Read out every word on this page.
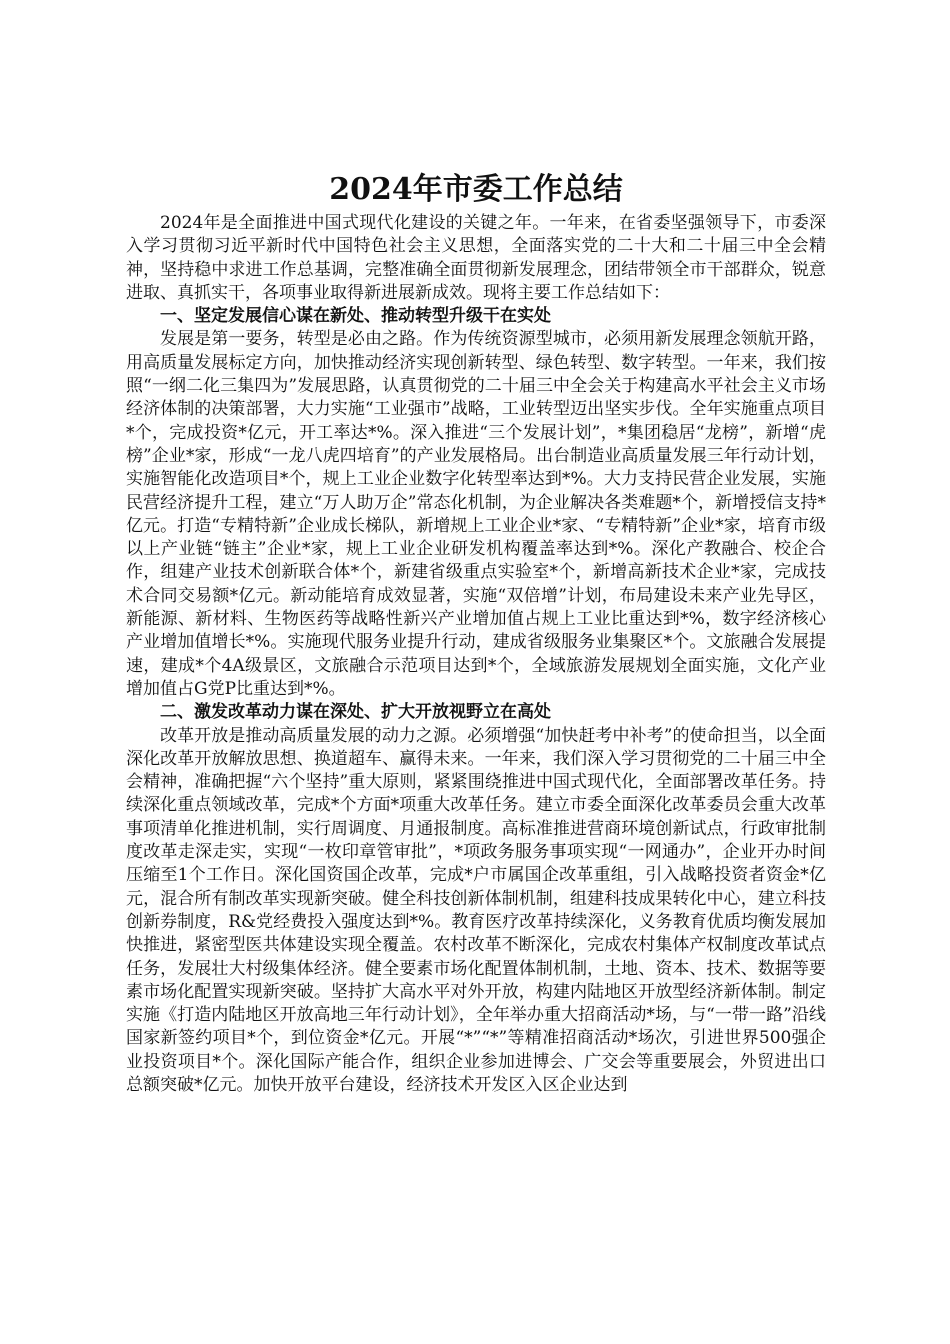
2024年市委工作总结

2024年是全面推进中国式现代化建设的关键之年。一年来，在省委坚强领导下，市委深入学习贯彻习近平新时代中国特色社会主义思想，全面落实党的二十大和二十届三中全会精神，坚持稳中求进工作总基调，完整准确全面贯彻新发展理念，团结带领全市干部群众，锐意进取、真抓实干，各项事业取得新进展新成效。现将主要工作总结如下：

一、坚定发展信心谋在新处、推动转型升级干在实处

发展是第一要务，转型是必由之路。作为传统资源型城市，必须用新发展理念领航开路，用高质量发展标定方向，加快推动经济实现创新转型、绿色转型、数字转型。一年来，我们按照“一纲二化三集四为”发展思路，认真贯彻党的二十届三中全会关于构建高水平社会主义市场经济体制的决策部署，大力实施“工业强市”战略，工业转型迈出坚实步伐。全年实施重点项目*个，完成投资*亿元，开工率达*%。深入推进“三个发展计划”，*集团稳居“龙榜”，新增“虎榜”企业*家，形成“一龙八虎四培育”的产业发展格局。出台制造业高质量发展三年行动计划，实施智能化改造项目*个，规上工业企业数字化转型率达到*%。大力支持民营企业发展，实施民营经济提升工程，建立“万人助万企”常态化机制，为企业解决各类难题*个，新增授信支持*亿元。打造“专精特新”企业成长梯队，新增规上工业企业*家、“专精特新”企业*家，培育市级以上产业链“链主”企业*家，规上工业企业研发机构覆盖率达到*%。深化产教融合、校企合作，组建产业技术创新联合体*个，新建省级重点实验室*个，新增高新技术企业*家，完成技术合同交易额*亿元。新动能培育成效显著，实施“双倍增”计划，布局建设未来产业先导区，新能源、新材料、生物医药等战略性新兴产业增加值占规上工业比重达到*%，数字经济核心产业增加值增长*%。实施现代服务业提升行动，建成省级服务业集聚区*个。文旅融合发展提速，建成*个4A级景区，文旅融合示范项目达到*个，全域旅游发展规划全面实施，文化产业增加值占G党P比重达到*%。

二、激发改革动力谋在深处、扩大开放视野立在高处

改革开放是推动高质量发展的动力之源。必须增强“加快赶考中补考”的使命担当，以全面深化改革开放解放思想、换道超车、赢得未来。一年来，我们深入学习贯彻党的二十届三中全会精神，准确把握“六个坚持”重大原则，紧紧围绕推进中国式现代化，全面部署改革任务。持续深化重点领域改革，完成*个方面*项重大改革任务。建立市委全面深化改革委员会重大改革事项清单化推进机制，实行周调度、月通报制度。高标准推进营商环境创新试点，行政审批制度改革走深走实，实现“一枚印章管审批”，*项政务服务事项实现“一网通办”，企业开办时间压缩至1个工作日。深化国资国企改革，完成*户市属国企改革重组，引入战略投资者资金*亿元，混合所有制改革实现新突破。健全科技创新体制机制，组建科技成果转化中心，建立科技创新券制度，R&党经费投入强度达到*%。教育医疗改革持续深化，义务教育优质均衡发展加快推进，紧密型医共体建设实现全覆盖。农村改革不断深化，完成农村集体产权制度改革试点任务，发展壮大村级集体经济。健全要素市场化配置体制机制，土地、资本、技术、数据等要素市场化配置实现新突破。坚持扩大高水平对外开放，构建内陆地区开放型经济新体制。制定实施《打造内陆地区开放高地三年行动计划》，全年举办重大招商活动*场，与“一带一路”沿线国家新签约项目*个，到位资金*亿元。开展“*”“*”等精准招商活动*场次，引进世界500强企业投资项目*个。深化国际产能合作，组织企业参加进博会、广交会等重要展会，外贸进出口总额突破*亿元。加快开放平台建设，经济技术开发区入区企业达到
